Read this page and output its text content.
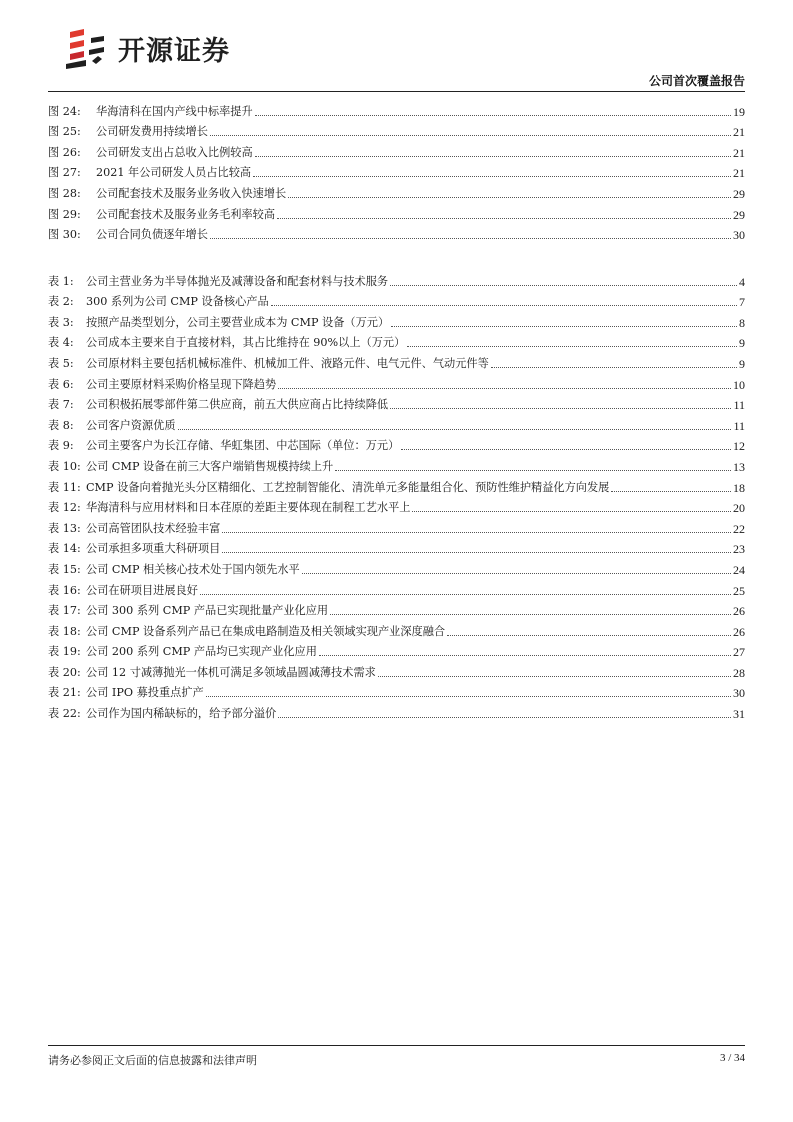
开源证券
公司首次覆盖报告
图 24:	华海清科在国内产线中标率提升	19
图 25:	公司研发费用持续增长	21
图 26:	公司研发支出占总收入比例较高	21
图 27:	2021 年公司研发人员占比较高	21
图 28:	公司配套技术及服务业务收入快速增长	29
图 29:	公司配套技术及服务业务毛利率较高	29
图 30:	公司合同负债逐年增长	30
表 1:	公司主营业务为半导体抛光及减薄设备和配套材料与技术服务	4
表 2:	300 系列为公司 CMP 设备核心产品	7
表 3:	按照产品类型划分，公司主要营业成本为 CMP 设备（万元）	8
表 4:	公司成本主要来自于直接材料，其占比维持在 90%以上（万元）	9
表 5:	公司原材料主要包括机械标准件、机械加工件、液路元件、电气元件、气动元件等	9
表 6:	公司主要原材料采购价格呈现下降趋势	10
表 7:	公司积极拓展零部件第二供应商，前五大供应商占比持续降低	11
表 8:	公司客户资源优质	11
表 9:	公司主要客户为长江存储、华虹集团、中芯国际（单位：万元）	12
表 10: 公司 CMP 设备在前三大客户端销售规模持续上升	13
表 11: CMP 设备向着抛光头分区精细化、工艺控制智能化、清洗单元多能量组合化、预防性维护精益化方向发展	18
表 12: 华海清科与应用材料和日本荏原的差距主要体现在制程工艺水平上	20
表 13: 公司高管团队技术经验丰富	22
表 14: 公司承担多项重大科研项目	23
表 15: 公司 CMP 相关核心技术处于国内领先水平	24
表 16: 公司在研项目进展良好	25
表 17: 公司 300 系列 CMP 产品已实现批量产业化应用	26
表 18: 公司 CMP 设备系列产品已在集成电路制造及相关领域实现产业深度融合	26
表 19: 公司 200 系列 CMP 产品均已实现产业化应用	27
表 20: 公司 12 寸减薄抛光一体机可满足多领域晶圆减薄技术需求	28
表 21: 公司 IPO 募投重点扩产	30
表 22: 公司作为国内稀缺标的，给予部分溢价	31
请务必参阅正文后面的信息披露和法律声明	3 / 34
